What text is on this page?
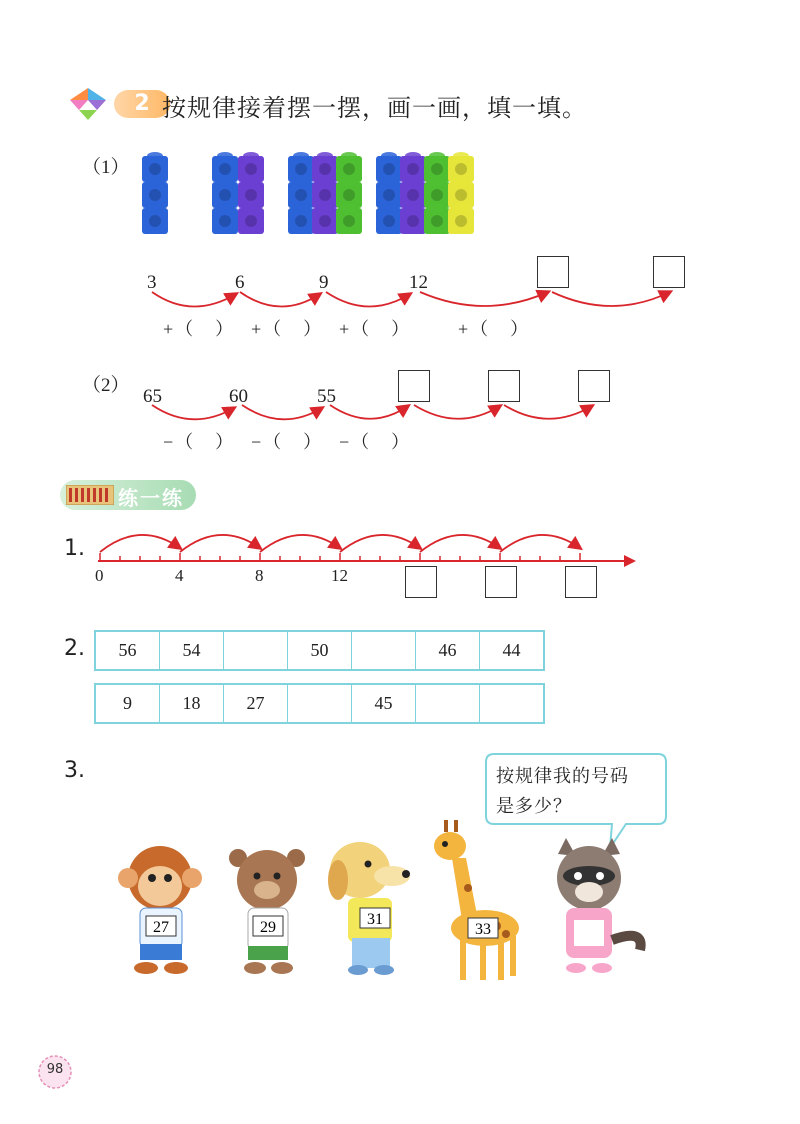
2 按规律接着摆一摆，画一画，填一填。
（1）
3	6	9	12
+（　） +（　） +（　）	+（　）
（2）
65	60	55
−（　） −（　） −（　）
练一练
1.
0	4	8	12
2. 56	54		50		46	44
9	18	27		45		
3.	按规律我的号码
是多少？
27	29	31
33
98
